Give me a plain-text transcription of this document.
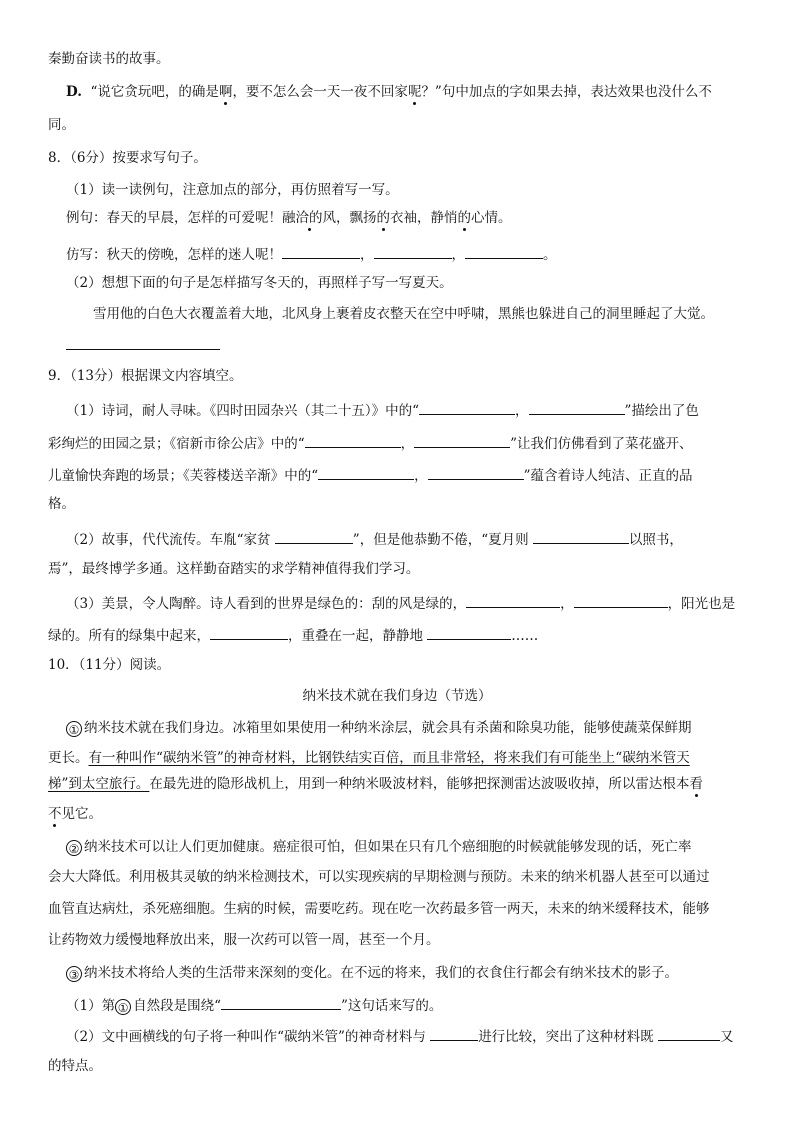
秦勤奋读书的故事。
D. “说它贪玩吧，的确是啊，要不怎么会一天一夜不回家呢？”句中加点的字如果去掉，表达效果也没什么不
同。
8．（6分）按要求写句子。
（1）读一读例句，注意加点的部分，再仿照着写一写。
例句：春天的早晨，怎样的可爱呢！融洽的风，飘扬的衣袖，静悄的心情。
仿写：秋天的傍晚，怎样的迷人呢！	，	，	。
（2）想想下面的句子是怎样描写冬天的，再照样子写一写夏天。
雪用他的白色大衣覆盖着大地，北风身上裹着皮衣整天在空中呼啸，黑熊也躲进自己的洞里睡起了大觉。
9．（13分）根据课文内容填空。
（1）诗词，耐人寻味。《四时田园杂兴（其二十五）》中的“	，	”描绘出了色
彩绚烂的田园之景；《宿新市徐公店》中的“	，	”让我们仿佛看到了菜花盛开、
儿童愉快奔跑的场景；《芙蓉楼送辛渐》中的“	，	”蕴含着诗人纯洁、正直的品
格。
（2）故事，代代流传。车胤“家贫	”，但是他恭勤不倦，“夏月则	以照书，
焉”，最终博学多通。这样勤奋踏实的求学精神值得我们学习。
（3）美景，令人陶醉。诗人看到的世界是绿色的：刮的风是绿的，	，	，阳光也是
绿的。所有的绿集中起来，	，重叠在一起，静静地	……
10．（11分）阅读。
纳米技术就在我们身边（节选）
① 纳米技术就在我们身边。冰箱里如果使用一种纳米涂层，就会具有杀菌和除臭功能，能够使蔬菜保鲜期
更长。有一种叫作“碳纳米管”的神奇材料，比钢铁结实百倍，而且非常轻，将来我们有可能坐上“碳纳米管天
梯”到太空旅行。在最先进的隐形战机上，用到一种纳米吸波材料，能够把探测雷达波吸收掉，所以雷达根本看
不见它。
② 纳米技术可以让人们更加健康。癌症很可怕，但如果在只有几个癌细胞的时候就能够发现的话，死亡率
会大大降低。利用极其灵敏的纳米检测技术，可以实现疾病的早期检测与预防。未来的纳米机器人甚至可以通过
血管直达病灶，杀死癌细胞。生病的时候，需要吃药。现在吃一次药最多管一两天，未来的纳米缓释技术，能够
让药物效力缓慢地释放出来，服一次药可以管一周，甚至一个月。
③ 纳米技术将给人类的生活带来深刻的变化。在不远的将来，我们的衣食住行都会有纳米技术的影子。
（1）第 ① 自然段是围绕“	”这句话来写的。
（2）文中画横线的句子将一种叫作“碳纳米管”的神奇材料与	进行比较，突出了这种材料既	又
的特点。
